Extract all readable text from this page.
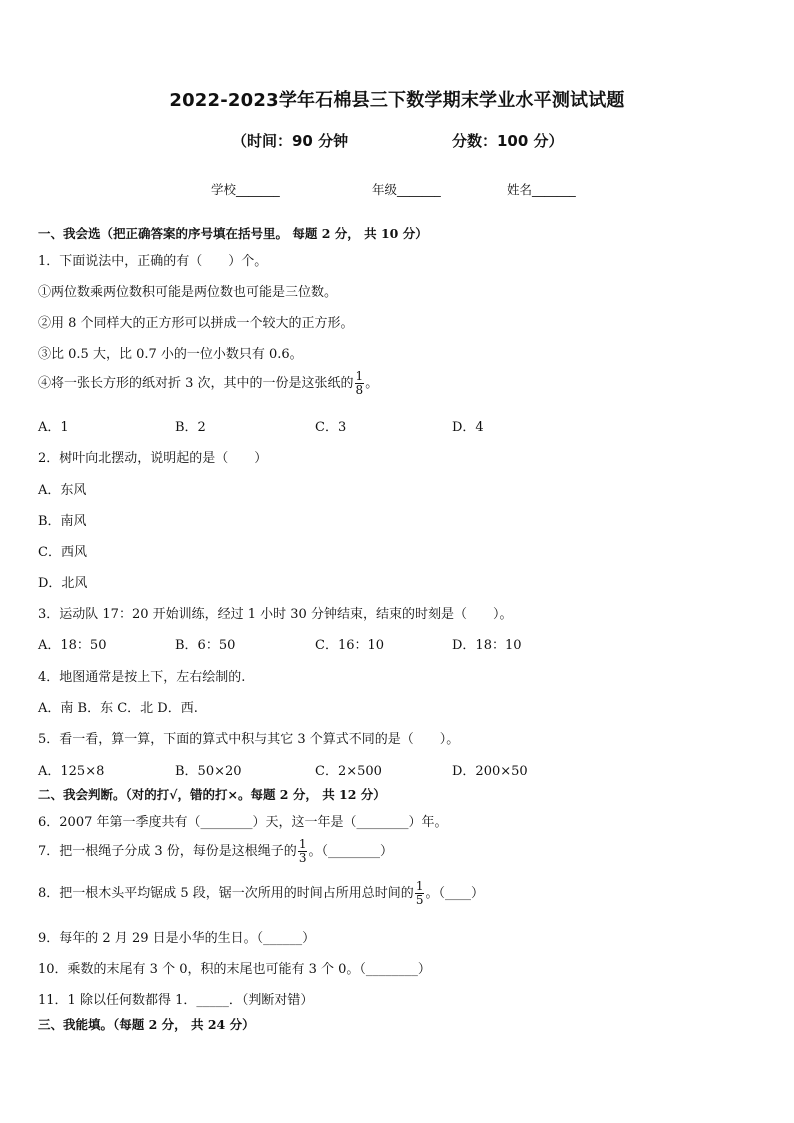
2022-2023学年石棉县三下数学期末学业水平测试试题
（时间：90 分钟	分数：100 分）
学校_______	年级_______	姓名_______
一、我会选（把正确答案的序号填在括号里。 每题 2 分， 共 10 分）
1．下面说法中，正确的有（　　）个。
①两位数乘两位数积可能是两位数也可能是三位数。
②用 8 个同样大的正方形可以拼成一个较大的正方形。
③比 0.5 大，比 0.7 小的一位小数只有 0.6。
④将一张长方形的纸对折 3 次，其中的一份是这张纸的 $\frac{1}{8}$ 。
A．1	B．2	C．3	D．4
2．树叶向北摆动，说明起的是（　　）
A．东风
B．南风
C．西风
D．北风
3．运动队 17：20 开始训练，经过 1 小时 30 分钟结束，结束的时刻是（　　）。
A．18：50	B．6：50	C．16：10	D．18：10
4．地图通常是按上下，左右绘制的.
A．南 B．东 C．北 D．西.
5．看一看，算一算，下面的算式中积与其它 3 个算式不同的是（　　）。
A．125×8	B．50×20	C．2×500	D．200×50
二、我会判断。（对的打√，错的打×。每题 2 分， 共 12 分）
6．2007 年第一季度共有（________）天，这一年是（________）年。
7．把一根绳子分成 3 份，每份是这根绳子的 $\frac{1}{3}$ 。（________）
8．把一根木头平均锯成 5 段，锯一次所用的时间占所用总时间的 $\frac{1}{5}$ 。（____）
9．每年的 2 月 29 日是小华的生日。（______）
10．乘数的末尾有 3 个 0，积的末尾也可能有 3 个 0。（________）
11．1 除以任何数都得 1．_____．（判断对错）
三、我能填。（每题 2 分， 共 24 分）
